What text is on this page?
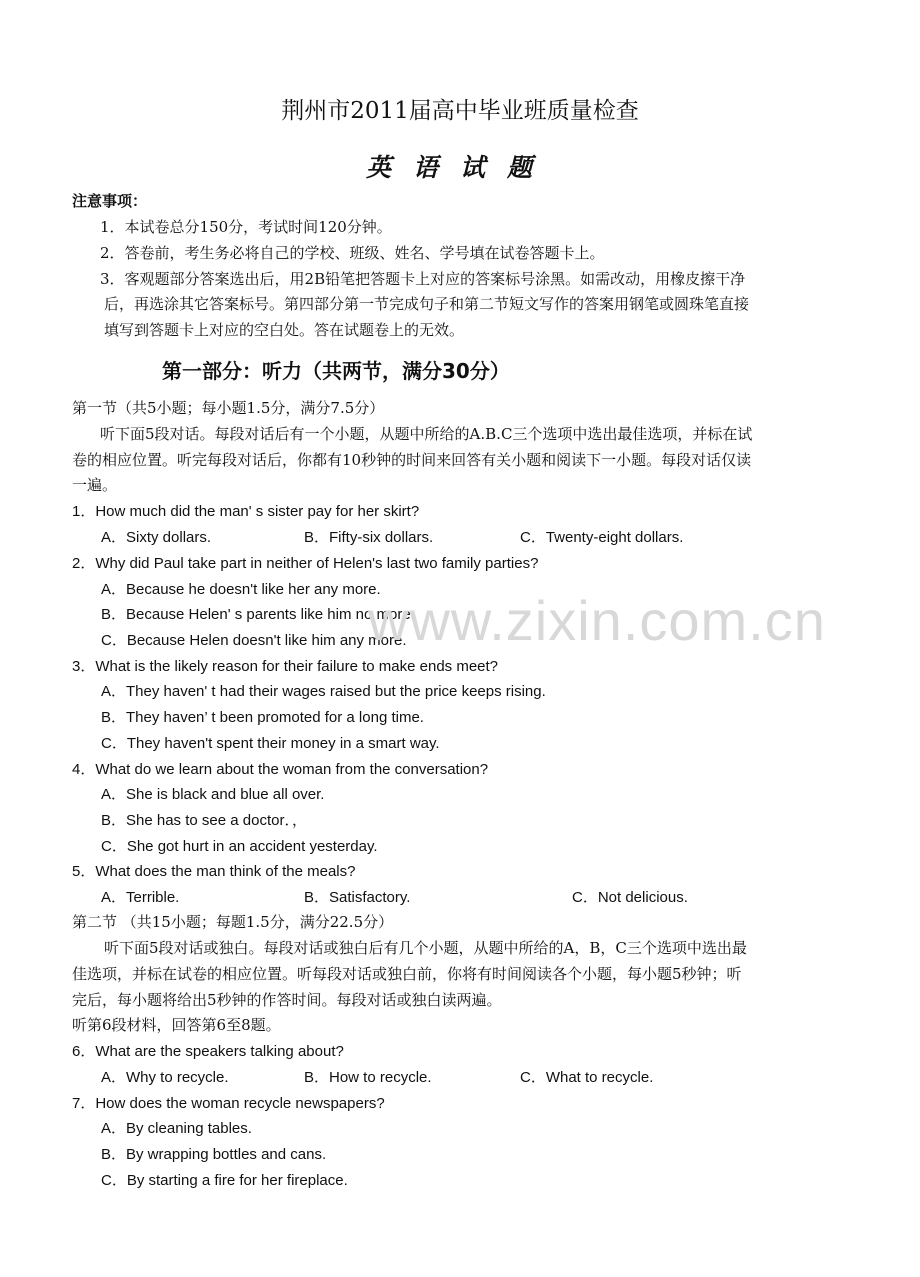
荆州市2011届高中毕业班质量检查
英语试题
注意事项：
1．本试卷总分150分，考试时间120分钟。
2．答卷前，考生务必将自己的学校、班级、姓名、学号填在试卷答题卡上。
3．客观题部分答案选出后，用2B铅笔把答题卡上对应的答案标号涂黑。如需改动，用橡皮擦干净
后，再选涂其它答案标号。第四部分第一节完成句子和第二节短文写作的答案用钢笔或圆珠笔直接
填写到答题卡上对应的空白处。答在试题卷上的无效。
第一部分：听力（共两节，满分30分）
第一节（共5小题；每小题1.5分，满分7.5分）
听下面5段对话。每段对话后有一个小题，从题中所给的A.B.C三个选项中选出最佳选项，并标在试
卷的相应位置。听完每段对话后，你都有10秒钟的时间来回答有关小题和阅读下一小题。每段对话仅读
一遍。
1．How much did the man' s sister pay for her skirt?
A．Sixty dollars.	B．Fifty-six dollars.	C．Twenty-eight dollars.
2．Why did Paul take part in neither of Helen's last two family parties?
A．Because he doesn't like her any more.
B．Because Helen' s parents like him no more.
C．Because Helen doesn't like him any more.
3．What is the likely reason for their failure to make ends meet?
A．They haven' t had their wages raised but the price keeps rising.
B．They haven’ t been promoted for a long time.
C．They haven't spent their money in a smart way.
4．What do we learn about the woman from the conversation?
A．She is black and blue all over.
B．She has to see a doctor．，
C．She got hurt in an accident yesterday.
5．What does the man think of the meals?
A．Terrible.	B．Satisfactory.	C．Not delicious.
第二节 （共15小题；每题1.5分，满分22.5分）
听下面5段对话或独白。每段对话或独白后有几个小题，从题中所给的A，B，C三个选项中选出最
佳选项，并标在试卷的相应位置。听每段对话或独白前，你将有时间阅读各个小题，每小题5秒钟；听
完后，每小题将给出5秒钟的作答时间。每段对话或独白读两遍。
听第6段材料，回答第6至8题。
6．What are the speakers talking about?
A．Why to recycle.	B．How to recycle.	C．What to recycle.
7．How does the woman recycle newspapers?
A．By cleaning tables.
B．By wrapping bottles and cans.
C．By starting a fire for her fireplace.
www.zixin.com.cn
